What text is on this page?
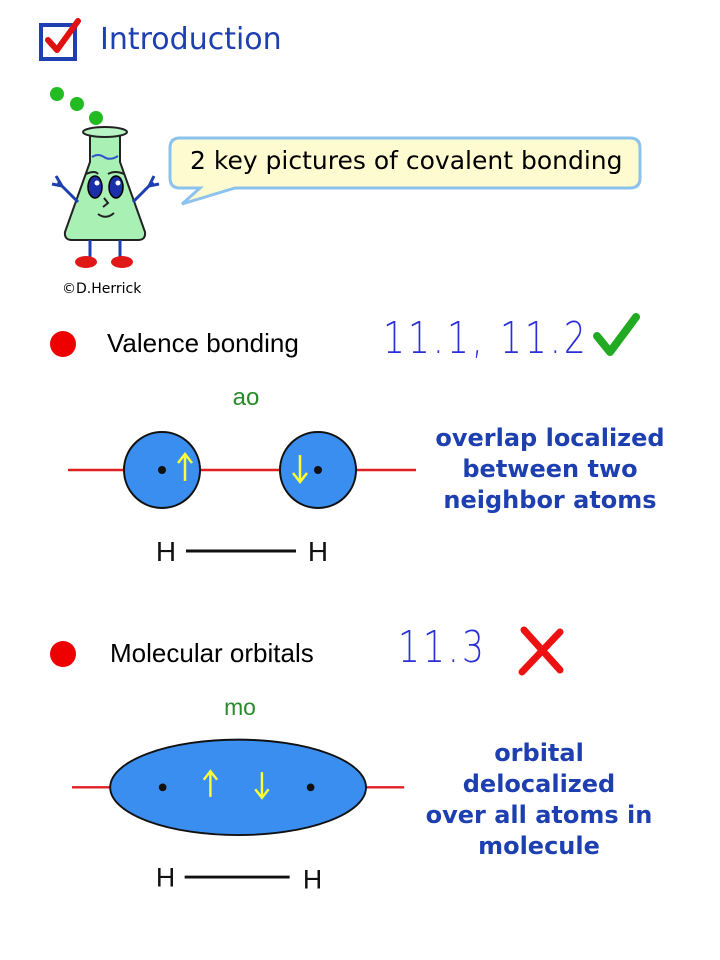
Introduction
©D.Herrick
2 key pictures of covalent bonding
Valence bonding 11.1, 11.2
ao
H	H
overlap localized
between two
neighbor atoms
Molecular orbitals 11.3
mo
H	H
orbital delocalized
over all atoms in
molecule
